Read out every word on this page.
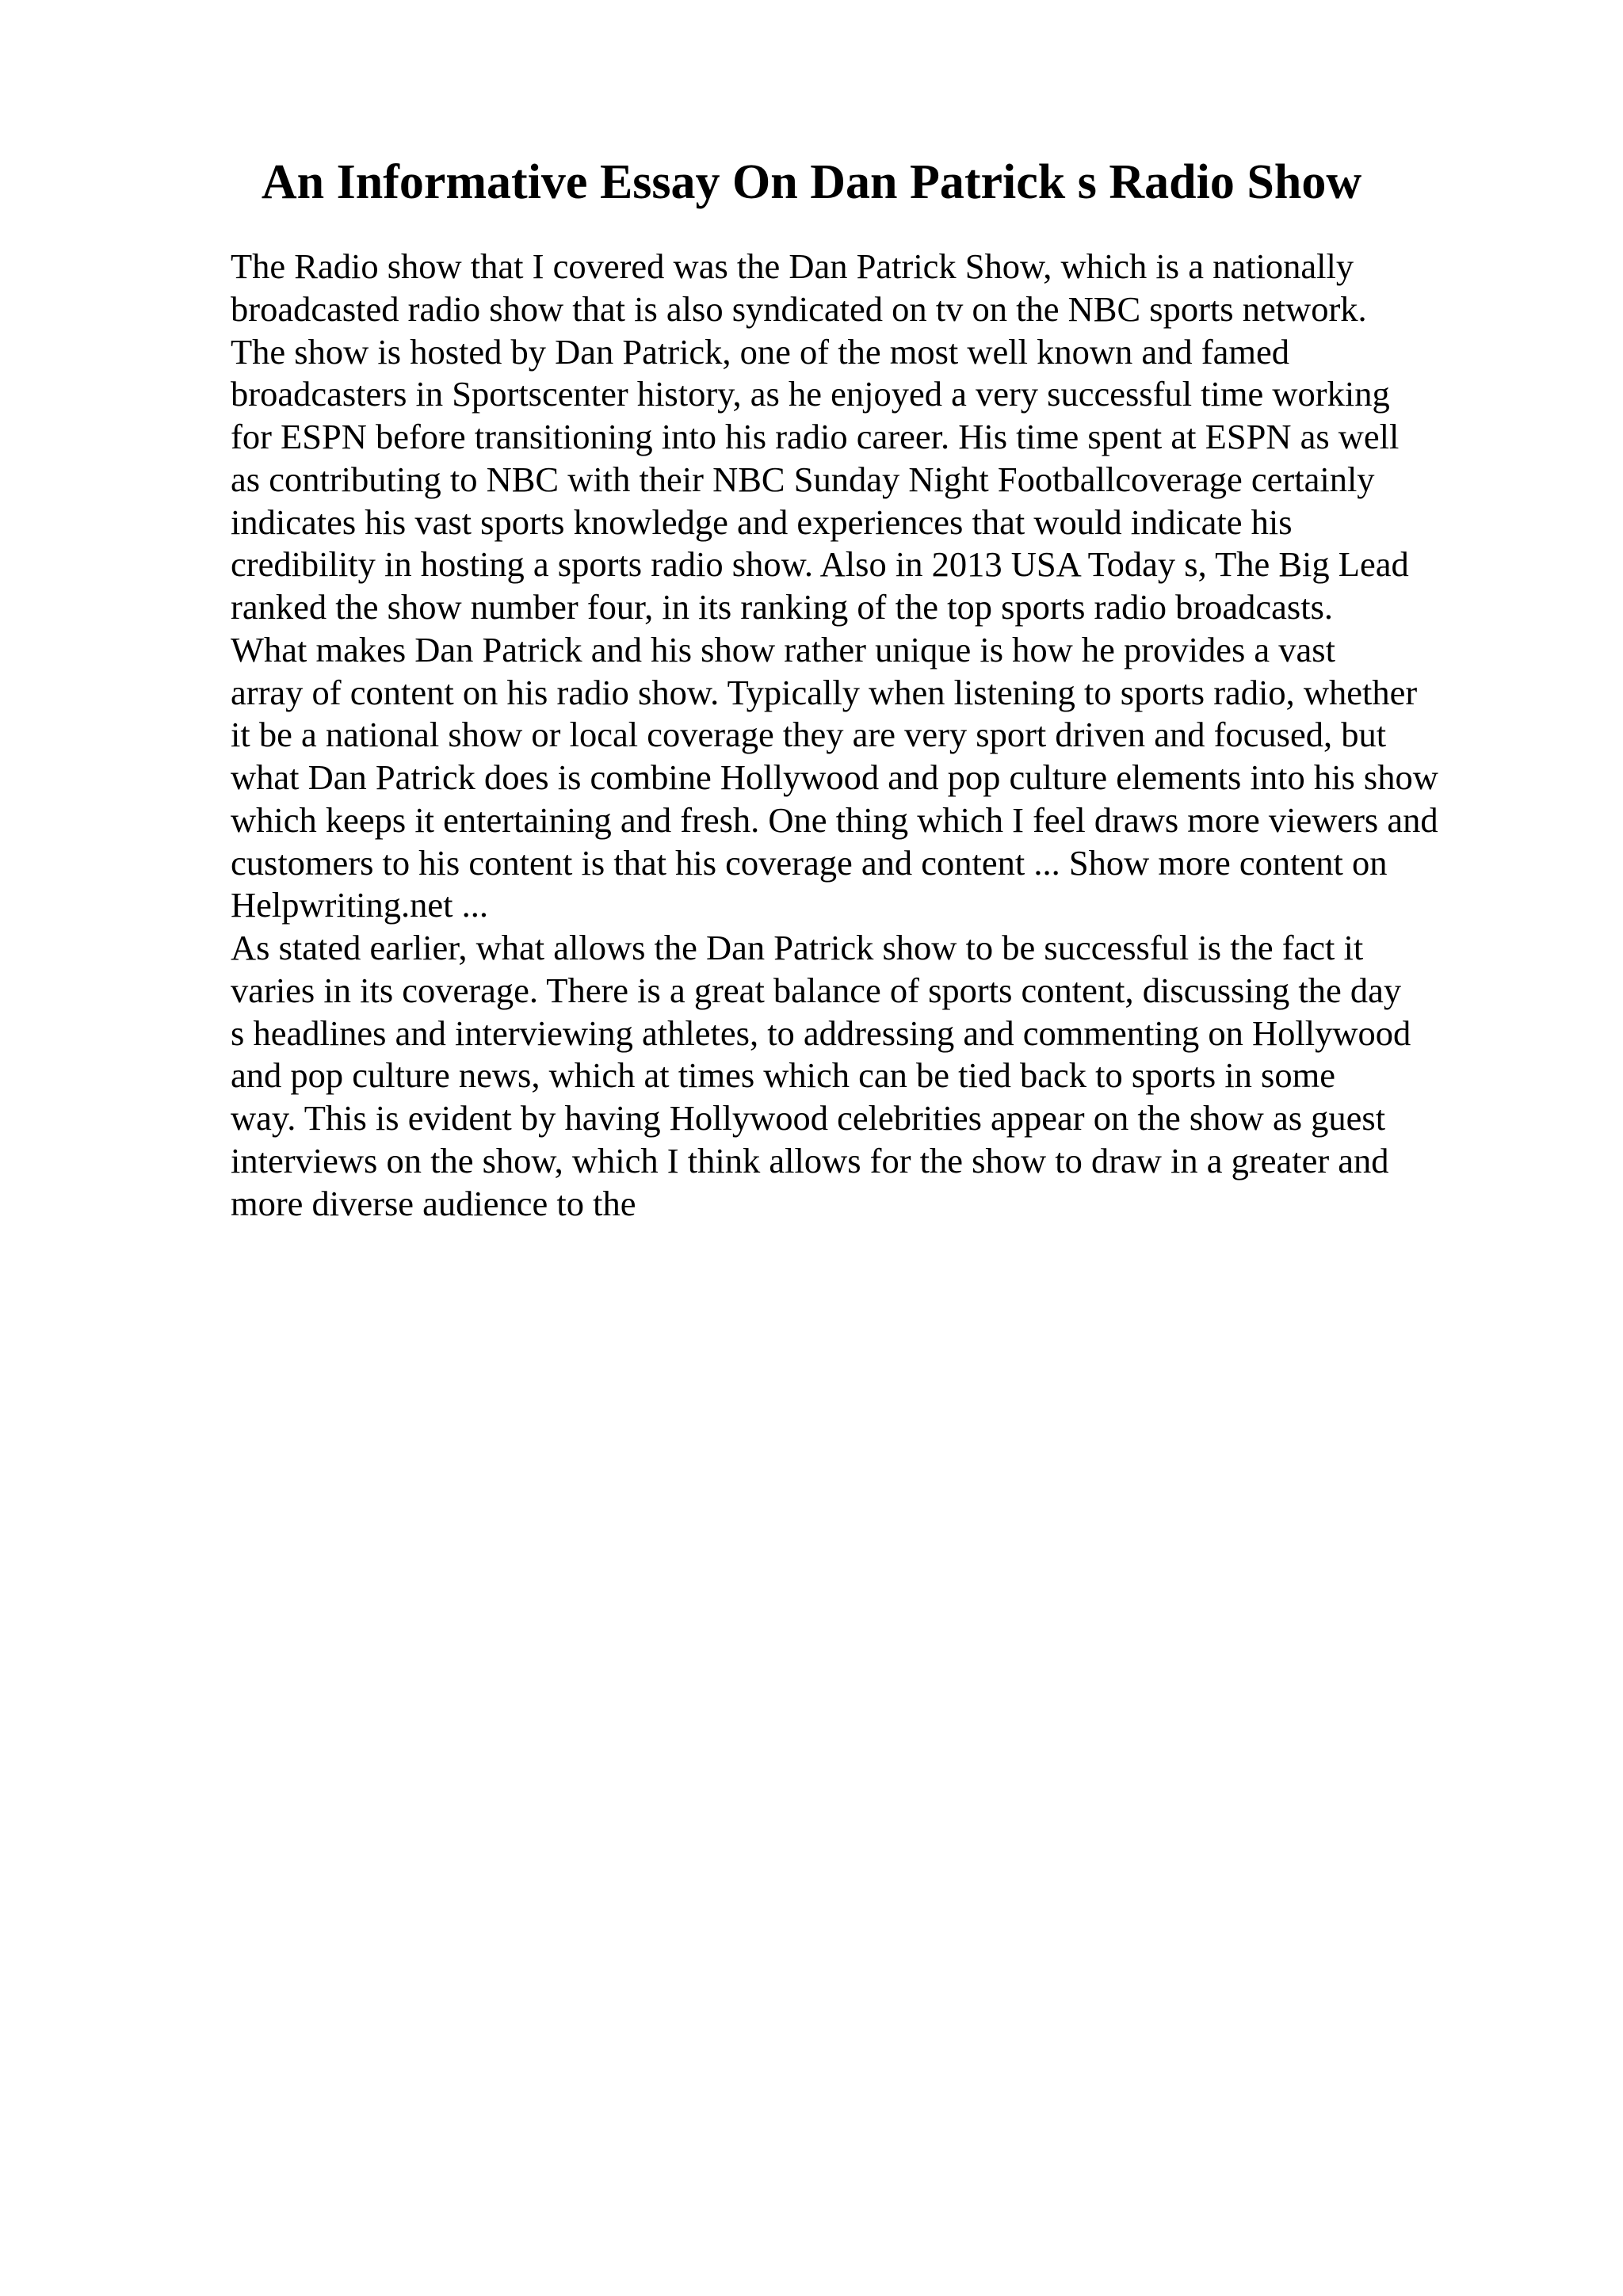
An Informative Essay On Dan Patrick s Radio Show
The Radio show that I covered was the Dan Patrick Show, which is a nationally
broadcasted radio show that is also syndicated on tv on the NBC sports network.
The show is hosted by Dan Patrick, one of the most well known and famed
broadcasters in Sportscenter history, as he enjoyed a very successful time working
for ESPN before transitioning into his radio career. His time spent at ESPN as well
as contributing to NBC with their NBC Sunday Night Footballcoverage certainly
indicates his vast sports knowledge and experiences that would indicate his
credibility in hosting a sports radio show. Also in 2013 USA Today s, The Big Lead
ranked the show number four, in its ranking of the top sports radio broadcasts.
What makes Dan Patrick and his show rather unique is how he provides a vast
array of content on his radio show. Typically when listening to sports radio, whether
it be a national show or local coverage they are very sport driven and focused, but
what Dan Patrick does is combine Hollywood and pop culture elements into his show
which keeps it entertaining and fresh. One thing which I feel draws more viewers and
customers to his content is that his coverage and content ... Show more content on
Helpwriting.net ...
As stated earlier, what allows the Dan Patrick show to be successful is the fact it
varies in its coverage. There is a great balance of sports content, discussing the day
s headlines and interviewing athletes, to addressing and commenting on Hollywood
and pop culture news, which at times which can be tied back to sports in some
way. This is evident by having Hollywood celebrities appear on the show as guest
interviews on the show, which I think allows for the show to draw in a greater and
more diverse audience to the
